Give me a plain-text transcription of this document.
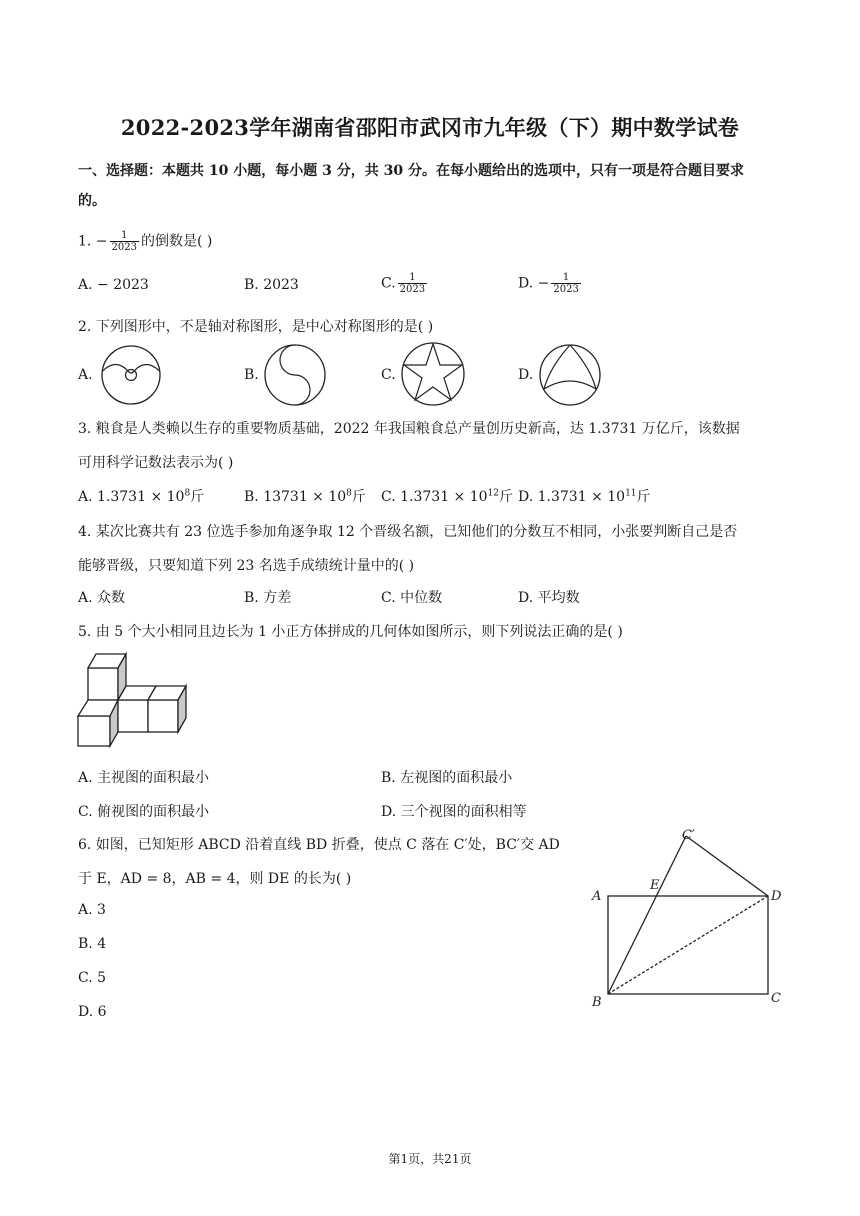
2022-2023学年湖南省邵阳市武冈市九年级（下）期中数学试卷
一、选择题：本题共 10 小题，每小题 3 分，共 30 分。在每小题给出的选项中，只有一项是符合题目要求
的。
1. − $\frac{1}{2023}$ 的倒数是( )
A. − 2023	B. 2023	C. $\frac{1}{2023}$	D. − $\frac{1}{2023}$
2. 下列图形中，不是轴对称图形，是中心对称图形的是( )
A.	B.	C.	D.
3. 粮食是人类赖以生存的重要物质基础，2022 年我国粮食总产量创历史新高，达 1.3731 万亿斤，该数据
可用科学记数法表示为( )
A. $1.3731 \times 10^8$斤	B. $13731 \times 10^8$斤 C. $1.3731 \times 10^{12}$斤 D. $1.3731 \times 10^{11}$斤
4. 某次比赛共有 23 位选手参加角逐争取 12 个晋级名额，已知他们的分数互不相同，小张要判断自己是否
能够晋级，只要知道下列 23 名选手成绩统计量中的( )
A. 众数	B. 方差	C. 中位数	D. 平均数
5. 由 5 个大小相同且边长为 1 小正方体拼成的几何体如图所示，则下列说法正确的是( )
A. 主视图的面积最小	B. 左视图的面积最小
C. 俯视图的面积最小	D. 三个视图的面积相等
6. 如图，已知矩形 ABCD 沿着直线 BD 折叠，使点 C 落在 C′处，BC′交 AD
于 E，AD = 8，AB = 4，则 DE 的长为( )
A. 3
B. 4
C. 5
D. 6
A
B	C
D
E
C′
第1页，共21页
